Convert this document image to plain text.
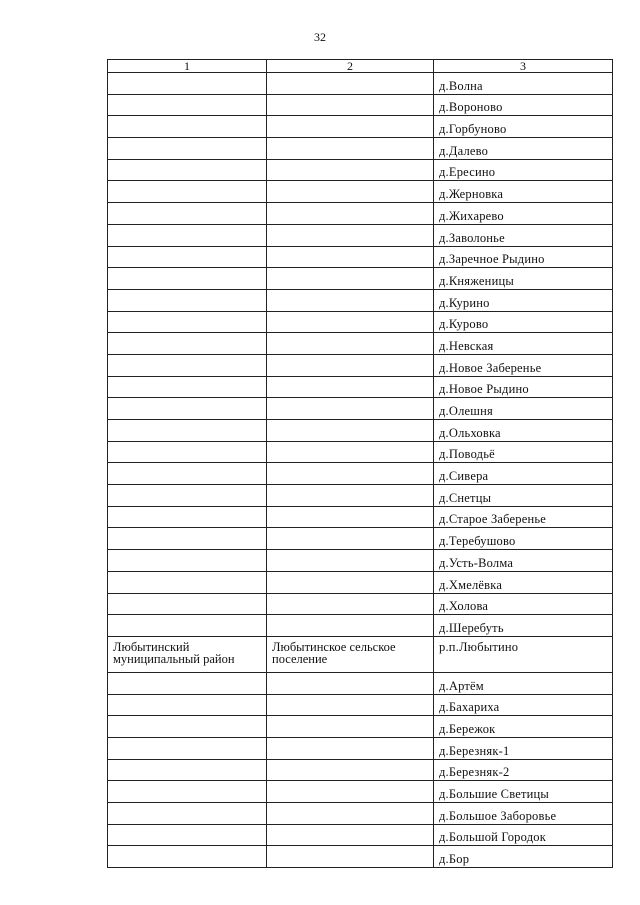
32
1	2	3
		д.Волна
		д.Вороново
		д.Горбуново
		д.Далево
		д.Ересино
		д.Жерновка
		д.Жихарево
		д.Заволонье
		д.Заречное Рыдино
		д.Княженицы
		д.Курино
		д.Курово
		д.Невская
		д.Новое Заберенье
		д.Новое Рыдино
		д.Олешня
		д.Ольховка
		д.Поводьё
		д.Сивера
		д.Снетцы
		д.Старое Заберенье
		д.Теребушово
		д.Усть-Волма
		д.Хмелёвка
		д.Холова
		д.Шеребуть
Любытинский муниципальный район	Любытинское сельское поселение	р.п.Любытино
		д.Артём
		д.Бахариха
		д.Бережок
		д.Березняк-1
		д.Березняк-2
		д.Большие Светицы
		д.Большое Заборовье
		д.Большой Городок
		д.Бор
